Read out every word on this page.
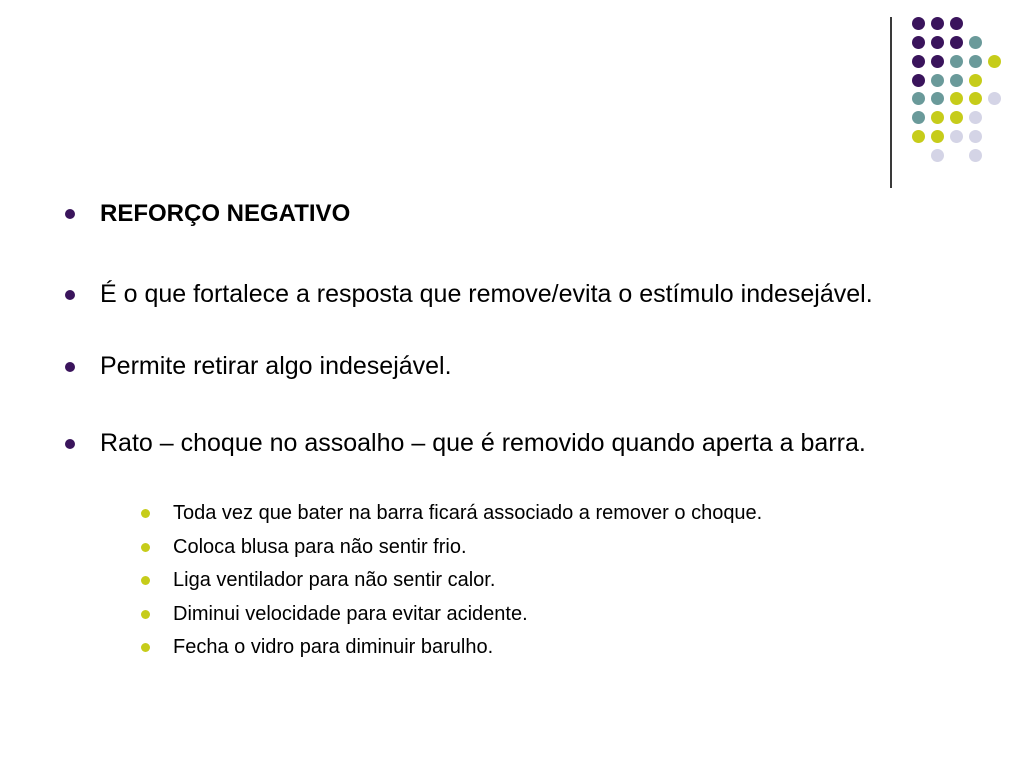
REFORÇO NEGATIVO
É o que fortalece a resposta que remove/evita o estímulo indesejável.
Permite retirar algo indesejável.
Rato – choque no assoalho – que é removido quando aperta a barra.
Toda vez que bater na barra ficará associado a remover o choque.
Coloca blusa para não sentir frio.
Liga ventilador para não sentir calor.
Diminui velocidade para evitar acidente.
Fecha o vidro para diminuir barulho.
